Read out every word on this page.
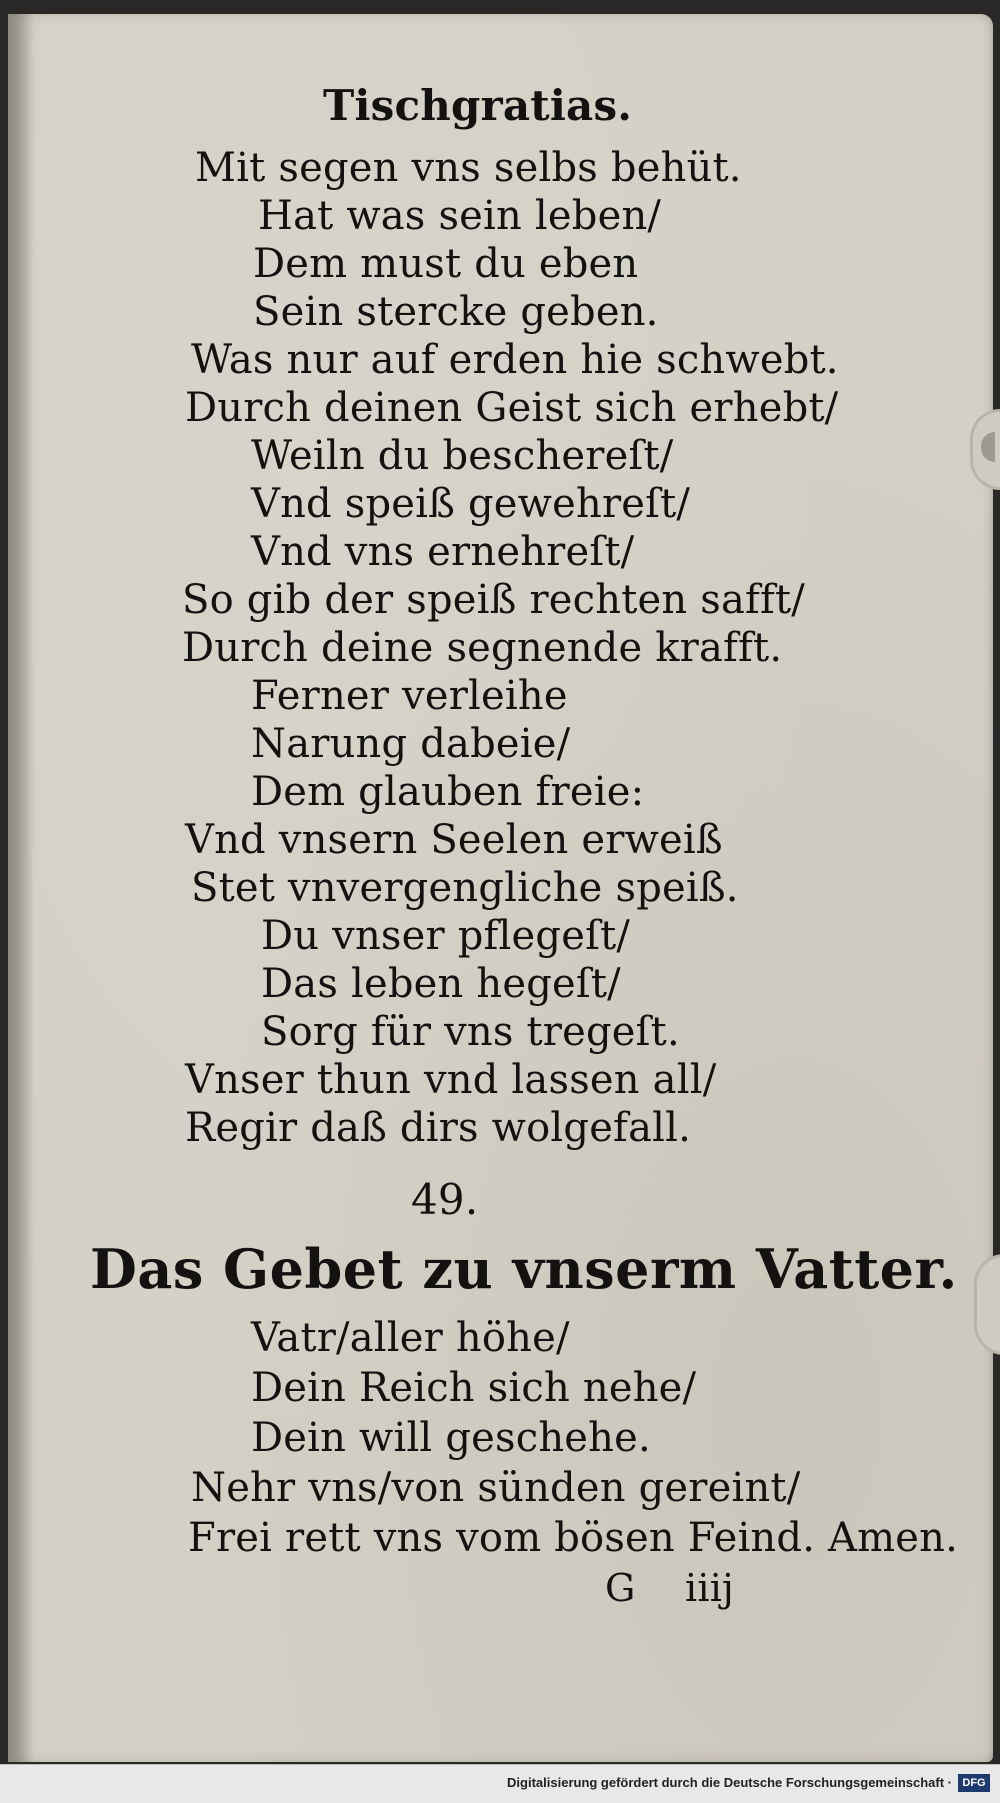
Tischgratias.
Mit segen vns selbs behüt.
Hat was sein leben/
Dem must du eben
Sein stercke geben.
Was nur auf erden hie schwebt.
Durch deinen Geist sich erhebt/
Weiln du beschereſt/
Vnd speiß gewehreſt/
Vnd vns ernehreſt/
So gib der speiß rechten safft/
Durch deine segnende krafft.
Ferner verleihe
Narung dabeie/
Dem glauben freie:
Vnd vnsern Seelen erweiß
Stet vnvergengliche speiß.
Du vnser pflegeſt/
Das leben hegeſt/
Sorg für vns tregeſt.
Vnser thun vnd lassen all/
Regir daß dirs wolgefall.
49.
Das Gebet zu vnserm Vatter.
Vatr/aller höhe/
Dein Reich sich nehe/
Dein will geschehe.
Nehr vns/von sünden gereint/
Frei rett vns vom bösen Feind. Amen.
G iiij
Digitalisierung gefördert durch die Deutsche Forschungsgemeinschaft · DFG
